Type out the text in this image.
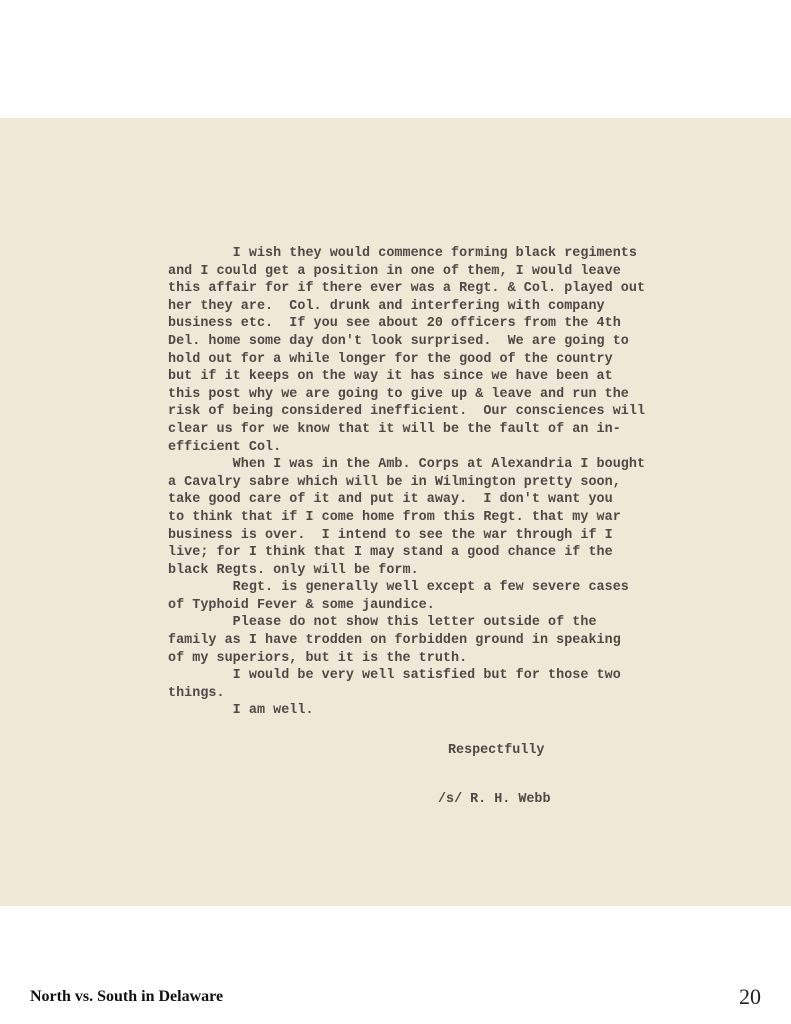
I wish they would commence forming black regiments
and I could get a position in one of them, I would leave
this affair for if there ever was a Regt. & Col. played out
her they are.  Col. drunk and interfering with company
business etc.  If you see about 20 officers from the 4th
Del. home some day don't look surprised.  We are going to
hold out for a while longer for the good of the country
but if it keeps on the way it has since we have been at
this post why we are going to give up & leave and run the
risk of being considered inefficient.  Our consciences will
clear us for we know that it will be the fault of an in-
efficient Col.
When I was in the Amb. Corps at Alexandria I bought
a Cavalry sabre which will be in Wilmington pretty soon,
take good care of it and put it away.  I don't want you
to think that if I come home from this Regt. that my war
business is over.  I intend to see the war through if I
live; for I think that I may stand a good chance if the
black Regts. only will be form.
Regt. is generally well except a few severe cases
of Typhoid Fever & some jaundice.
Please do not show this letter outside of the
family as I have trodden on forbidden ground in speaking
of my superiors, but it is the truth.
I would be very well satisfied but for those two
things.
I am well.
Respectfully
/s/ R. H. Webb
North vs. South in Delaware	20
